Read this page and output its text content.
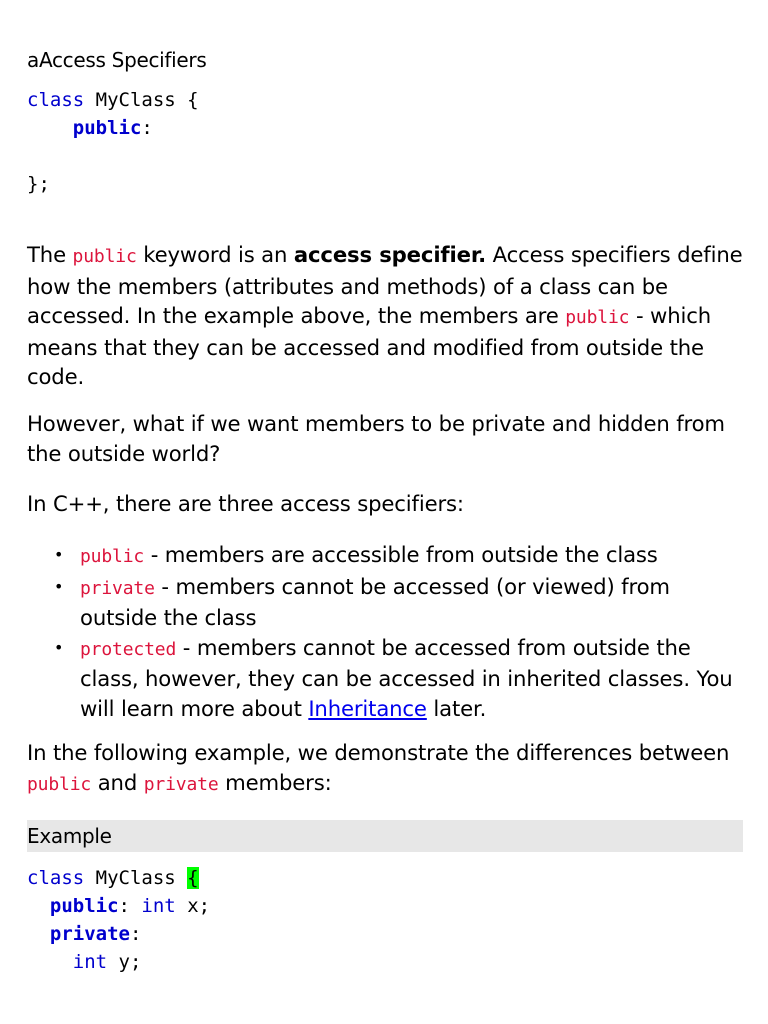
aAccess Specifiers
class MyClass {
public:

};

The public keyword is an access specifier. Access specifiers define how the members (attributes and methods) of a class can be accessed. In the example above, the members are public - which means that they can be accessed and modified from outside the code.

However, what if we want members to be private and hidden from the outside world?

In C++, there are three access specifiers:

• public - members are accessible from outside the class
• private - members cannot be accessed (or viewed) from outside the class
• protected - members cannot be accessed from outside the class, however, they can be accessed in inherited classes. You will learn more about Inheritance later.

In the following example, we demonstrate the differences between public and private members:

Example
class MyClass {
public: int x;
private:
int y;
